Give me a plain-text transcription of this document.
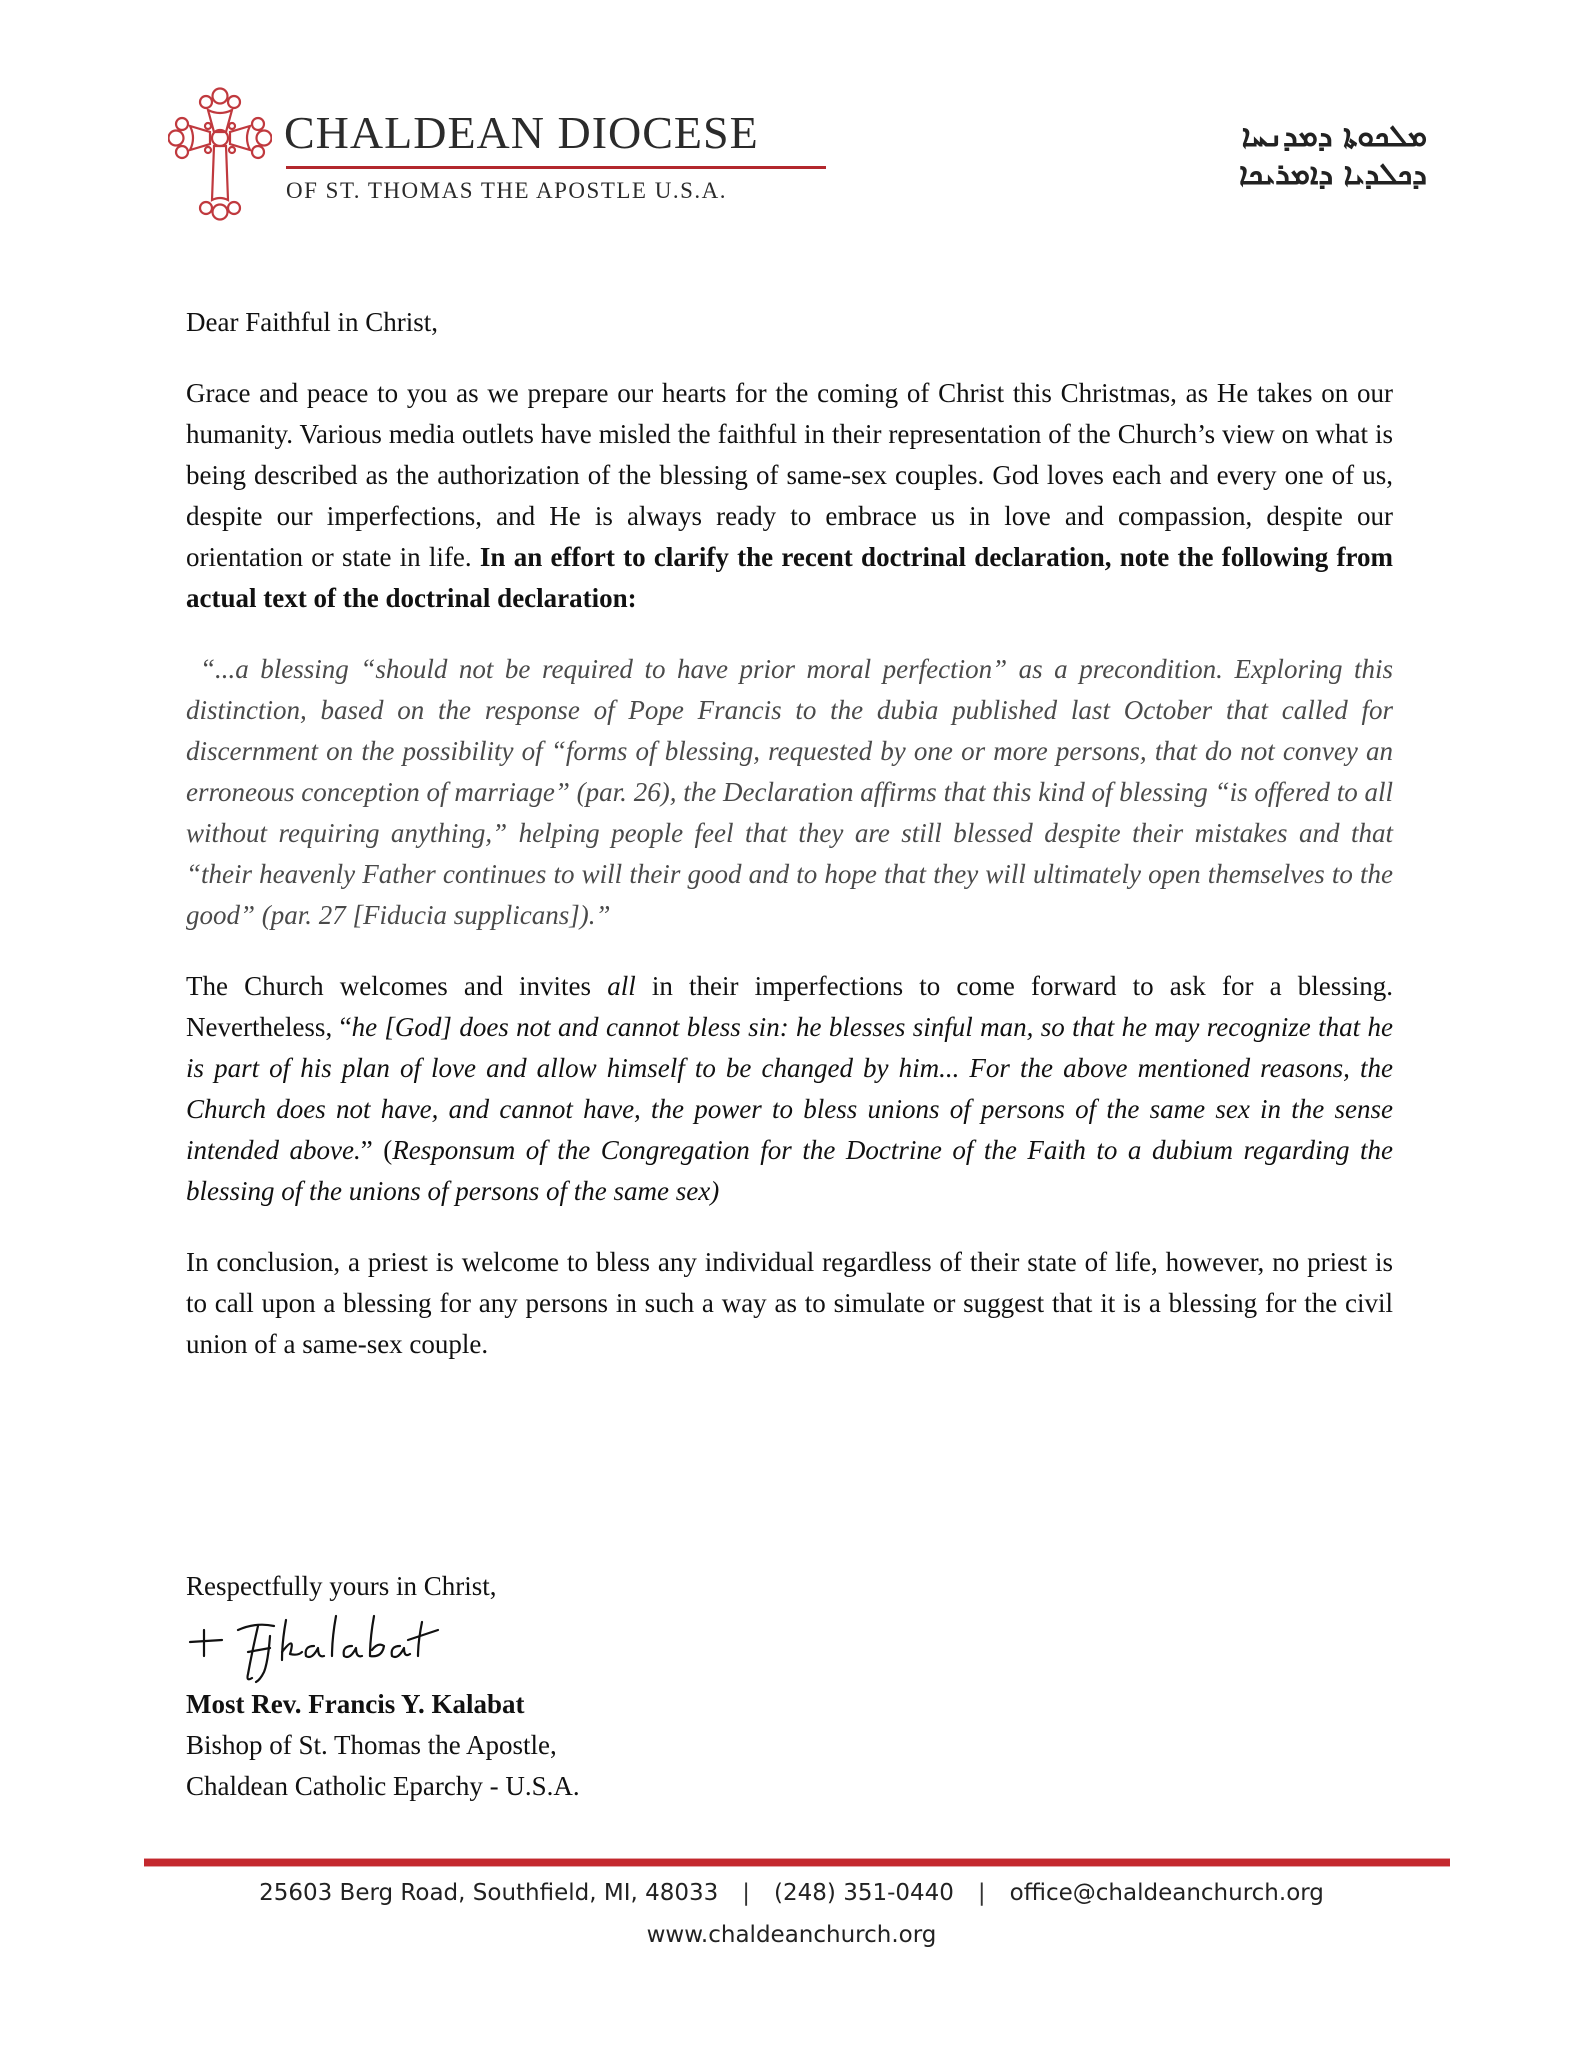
CHALDEAN DIOCESE
OF ST. THOMAS THE APOSTLE U.S.A.
ܡܠܟܘܬܐ ܕܡܕܢܚܐ
ܕܟܠܕܝܐ ܕܐܡܪܝܟܐ

Dear Faithful in Christ,

Grace and peace to you as we prepare our hearts for the coming of Christ this Christmas, as He takes on our humanity. Various media outlets have misled the faithful in their representation of the Church’s view on what is being described as the authorization of the blessing of same-sex couples. God loves each and every one of us, despite our imperfections, and He is always ready to embrace us in love and compassion, despite our orientation or state in life. In an effort to clarify the recent doctrinal declaration, note the following from actual text of the doctrinal declaration:

“...a blessing “should not be required to have prior moral perfection” as a precondition. Exploring this distinction, based on the response of Pope Francis to the dubia published last October that called for discernment on the possibility of “forms of blessing, requested by one or more persons, that do not convey an erroneous conception of marriage” (par. 26), the Declaration affirms that this kind of blessing “is offered to all without requiring anything,” helping people feel that they are still blessed despite their mistakes and that “their heavenly Father continues to will their good and to hope that they will ultimately open themselves to the good” (par. 27 [Fiducia supplicans]).”

The Church welcomes and invites all in their imperfections to come forward to ask for a blessing. Nevertheless, “he [God] does not and cannot bless sin: he blesses sinful man, so that he may recognize that he is part of his plan of love and allow himself to be changed by him... For the above mentioned reasons, the Church does not have, and cannot have, the power to bless unions of persons of the same sex in the sense intended above.” (Responsum of the Congregation for the Doctrine of the Faith to a dubium regarding the blessing of the unions of persons of the same sex)

In conclusion, a priest is welcome to bless any individual regardless of their state of life, however, no priest is to call upon a blessing for any persons in such a way as to simulate or suggest that it is a blessing for the civil union of a same-sex couple.

Respectfully yours in Christ,
Most Rev. Francis Y. Kalabat
Bishop of St. Thomas the Apostle,
Chaldean Catholic Eparchy - U.S.A.
25603 Berg Road, Southfield, MI, 48033 | (248) 351-0440 | office@chaldeanchurch.org
www.chaldeanchurch.org
